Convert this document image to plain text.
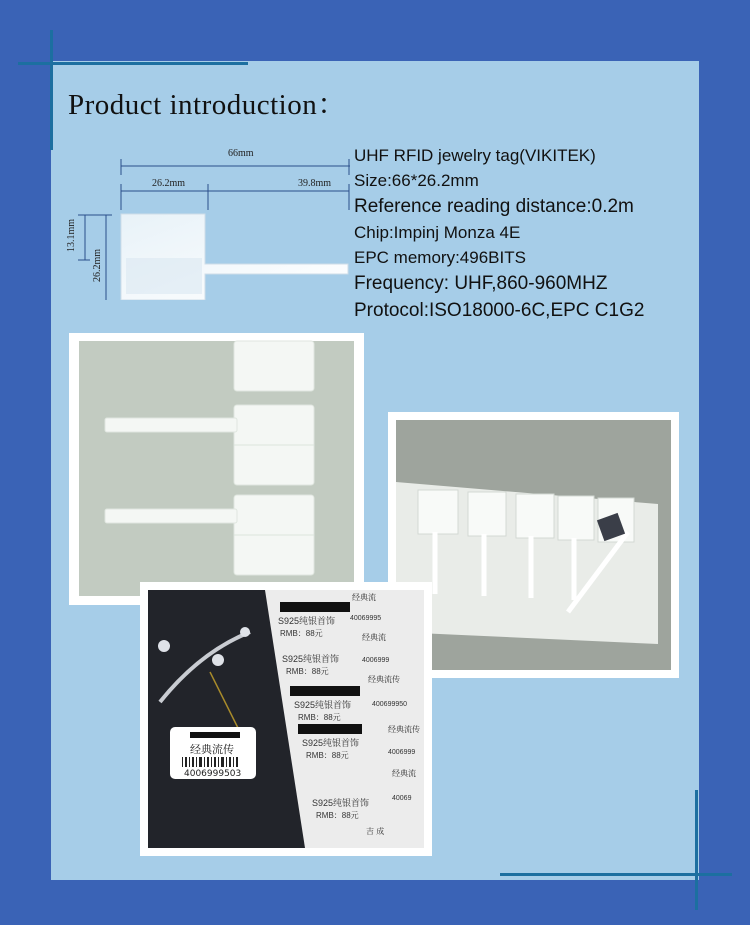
Product introduction：
66mm
26.2mm	39.8mm
13.1mm
26.2mm
UHF RFID jewelry tag(VIKITEK)
Size:66*26.2mm
Reference reading distance:0.2m
Chip:Impinj Monza 4E
EPC memory:496BITS
Frequency: UHF,860-960MHZ
Protocol:ISO18000-6C,EPC C1G2
经典流传
4006999503
经典流
S925纯银首饰
RMB：88元
40069995
经典流
S925纯银首饰
RMB：88元
4006999
经典流传
S925纯银首饰
RMB：88元
400699950
经典流传
S925纯银首饰
RMB：88元	4006999
经典流
S925纯银首饰
RMB：88元
40069
吉 成
